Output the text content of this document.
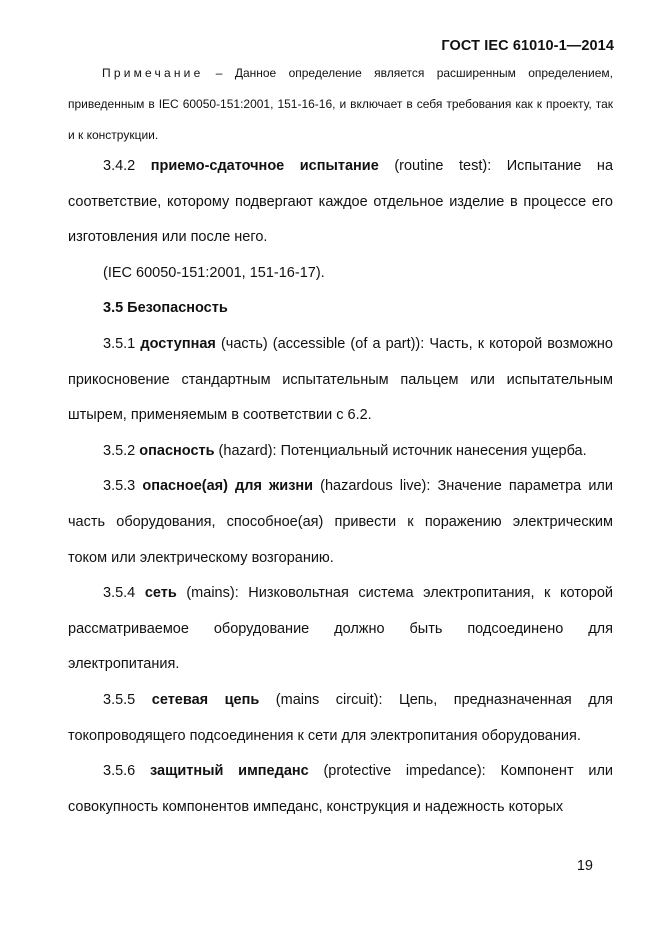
ГОСТ IEC 61010-1—2014
Примечание – Данное определение является расширенным определением, приведенным в IEC 60050-151:2001, 151-16-16, и включает в себя требования как к проекту, так и к конструкции.

3.4.2 приемо-сдаточное испытание (routine test): Испытание на соответствие, которому подвергают каждое отдельное изделие в процессе его изготовления или после него.

(IEC 60050-151:2001, 151-16-17).

3.5 Безопасность

3.5.1 доступная (часть) (accessible (of a part)): Часть, к которой возможно прикосновение стандартным испытательным пальцем или испытательным штырем, применяемым в соответствии с 6.2.

3.5.2 опасность (hazard): Потенциальный источник нанесения ущерба.

3.5.3 опасное(ая) для жизни (hazardous live): Значение параметра или часть оборудования, способное(ая) привести к поражению электрическим током или электрическому возгоранию.

3.5.4 сеть (mains): Низковольтная система электропитания, к которой рассматриваемое оборудование должно быть подсоединено для электропитания.

3.5.5 сетевая цепь (mains circuit): Цепь, предназначенная для токопроводящего подсоединения к сети для электропитания оборудования.

3.5.6 защитный импеданс (protective impedance): Компонент или совокупность компонентов импеданс, конструкция и надежность которых

19
